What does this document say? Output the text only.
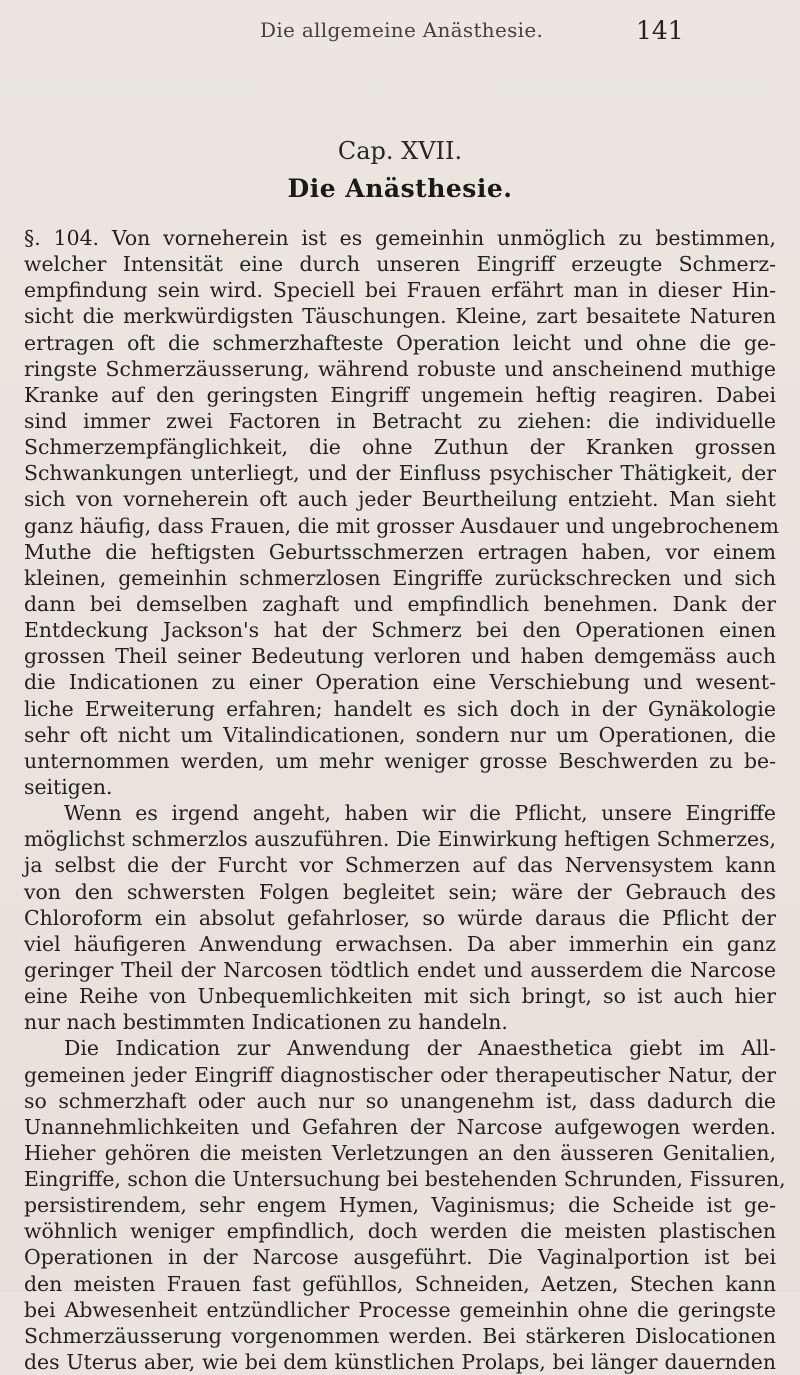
Die allgemeine Anästhesie.	141
Cap. XVII.
Die Anästhesie.
§. 104. Von vorneherein ist es gemeinhin unmöglich zu bestimmen,
welcher Intensität eine durch unseren Eingriff erzeugte Schmerz-
empfindung sein wird. Speciell bei Frauen erfährt man in dieser Hin-
sicht die merkwürdigsten Täuschungen. Kleine, zart besaitete Naturen
ertragen oft die schmerzhafteste Operation leicht und ohne die ge-
ringste Schmerzäusserung, während robuste und anscheinend muthige
Kranke auf den geringsten Eingriff ungemein heftig reagiren. Dabei
sind immer zwei Factoren in Betracht zu ziehen: die individuelle
Schmerzempfänglichkeit, die ohne Zuthun der Kranken grossen
Schwankungen unterliegt, und der Einfluss psychischer Thätigkeit, der
sich von vorneherein oft auch jeder Beurtheilung entzieht. Man sieht
ganz häufig, dass Frauen, die mit grosser Ausdauer und ungebrochenem
Muthe die heftigsten Geburtsschmerzen ertragen haben, vor einem
kleinen, gemeinhin schmerzlosen Eingriffe zurückschrecken und sich
dann bei demselben zaghaft und empfindlich benehmen. Dank der
Entdeckung Jackson's hat der Schmerz bei den Operationen einen
grossen Theil seiner Bedeutung verloren und haben demgemäss auch
die Indicationen zu einer Operation eine Verschiebung und wesent-
liche Erweiterung erfahren; handelt es sich doch in der Gynäkologie
sehr oft nicht um Vitalindicationen, sondern nur um Operationen, die
unternommen werden, um mehr weniger grosse Beschwerden zu be-
seitigen.
Wenn es irgend angeht, haben wir die Pflicht, unsere Eingriffe
möglichst schmerzlos auszuführen. Die Einwirkung heftigen Schmerzes,
ja selbst die der Furcht vor Schmerzen auf das Nervensystem kann
von den schwersten Folgen begleitet sein; wäre der Gebrauch des
Chloroform ein absolut gefahrloser, so würde daraus die Pflicht der
viel häufigeren Anwendung erwachsen. Da aber immerhin ein ganz
geringer Theil der Narcosen tödtlich endet und ausserdem die Narcose
eine Reihe von Unbequemlichkeiten mit sich bringt, so ist auch hier
nur nach bestimmten Indicationen zu handeln.
Die Indication zur Anwendung der Anaesthetica giebt im All-
gemeinen jeder Eingriff diagnostischer oder therapeutischer Natur, der
so schmerzhaft oder auch nur so unangenehm ist, dass dadurch die
Unannehmlichkeiten und Gefahren der Narcose aufgewogen werden.
Hieher gehören die meisten Verletzungen an den äusseren Genitalien,
Eingriffe, schon die Untersuchung bei bestehenden Schrunden, Fissuren,
persistirendem, sehr engem Hymen, Vaginismus; die Scheide ist ge-
wöhnlich weniger empfindlich, doch werden die meisten plastischen
Operationen in der Narcose ausgeführt. Die Vaginalportion ist bei
den meisten Frauen fast gefühllos, Schneiden, Aetzen, Stechen kann
bei Abwesenheit entzündlicher Processe gemeinhin ohne die geringste
Schmerzäusserung vorgenommen werden. Bei stärkeren Dislocationen
des Uterus aber, wie bei dem künstlichen Prolaps, bei länger dauernden
